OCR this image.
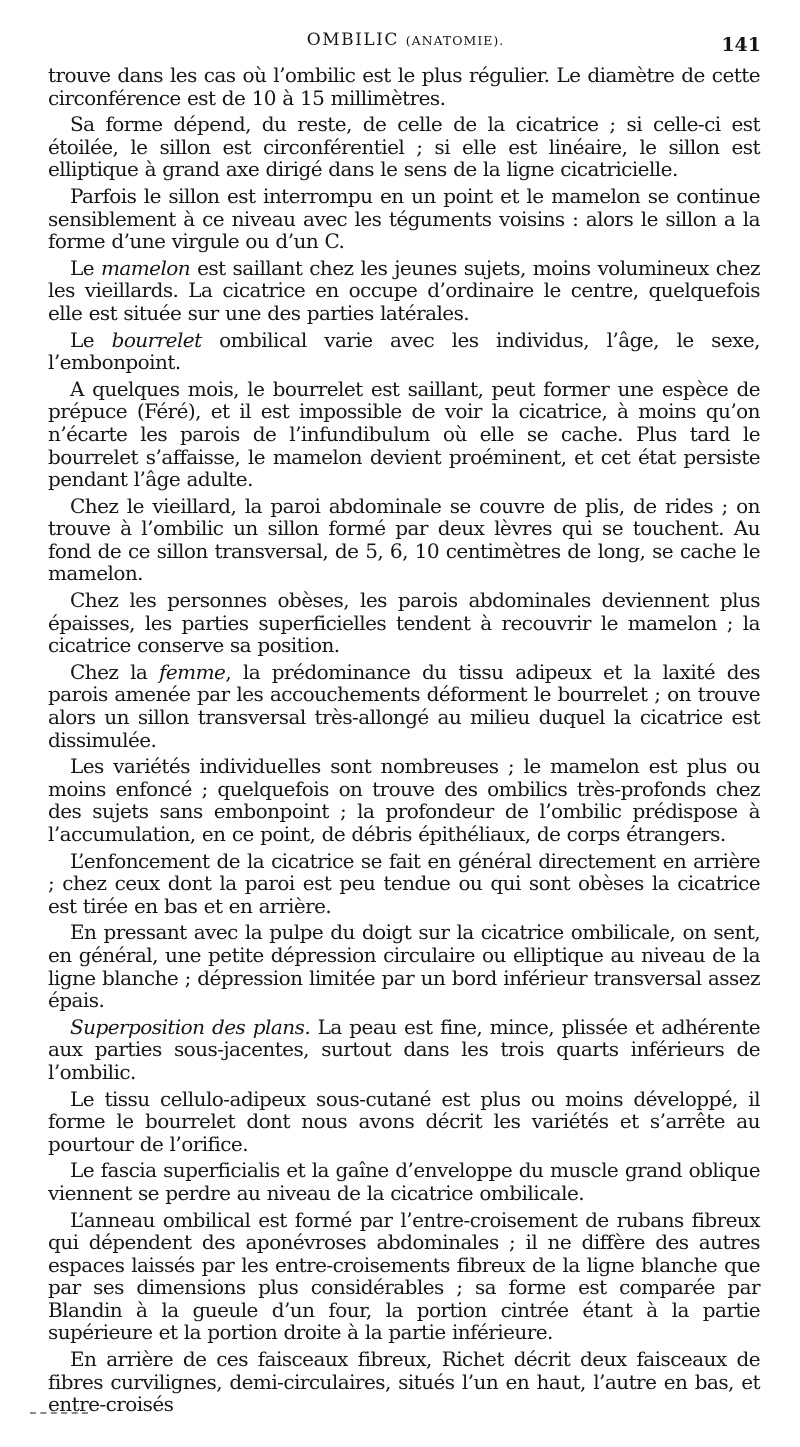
OMBILIC (ANATOMIE).	141

trouve dans les cas où l’ombilic est le plus régulier. Le diamètre de cette circonférence est de 10 à 15 millimètres.

Sa forme dépend, du reste, de celle de la cicatrice ; si celle-ci est étoilée, le sillon est circonférentiel ; si elle est linéaire, le sillon est elliptique à grand axe dirigé dans le sens de la ligne cicatricielle.

Parfois le sillon est interrompu en un point et le mamelon se continue sensiblement à ce niveau avec les téguments voisins : alors le sillon a la forme d’une virgule ou d’un C.

Le mamelon est saillant chez les jeunes sujets, moins volumineux chez les vieillards. La cicatrice en occupe d’ordinaire le centre, quelquefois elle est située sur une des parties latérales.

Le bourrelet ombilical varie avec les individus, l’âge, le sexe, l’embonpoint.

A quelques mois, le bourrelet est saillant, peut former une espèce de prépuce (Féré), et il est impossible de voir la cicatrice, à moins qu’on n’écarte les parois de l’infundibulum où elle se cache. Plus tard le bourrelet s’affaisse, le mamelon devient proéminent, et cet état persiste pendant l’âge adulte.

Chez le vieillard, la paroi abdominale se couvre de plis, de rides ; on trouve à l’ombilic un sillon formé par deux lèvres qui se touchent. Au fond de ce sillon transversal, de 5, 6, 10 centimètres de long, se cache le mamelon.

Chez les personnes obèses, les parois abdominales deviennent plus épaisses, les parties superficielles tendent à recouvrir le mamelon ; la cicatrice conserve sa position.

Chez la femme, la prédominance du tissu adipeux et la laxité des parois amenée par les accouchements déforment le bourrelet ; on trouve alors un sillon transversal très-allongé au milieu duquel la cicatrice est dissimulée.

Les variétés individuelles sont nombreuses ; le mamelon est plus ou moins enfoncé ; quelquefois on trouve des ombilics très-profonds chez des sujets sans embonpoint ; la profondeur de l’ombilic prédispose à l’accumulation, en ce point, de débris épithéliaux, de corps étrangers.

L’enfoncement de la cicatrice se fait en général directement en arrière ; chez ceux dont la paroi est peu tendue ou qui sont obèses la cicatrice est tirée en bas et en arrière.

En pressant avec la pulpe du doigt sur la cicatrice ombilicale, on sent, en général, une petite dépression circulaire ou elliptique au niveau de la ligne blanche ; dépression limitée par un bord inférieur transversal assez épais.

Superposition des plans. La peau est fine, mince, plissée et adhérente aux parties sous-jacentes, surtout dans les trois quarts inférieurs de l’ombilic.

Le tissu cellulo-adipeux sous-cutané est plus ou moins développé, il forme le bourrelet dont nous avons décrit les variétés et s’arrête au pourtour de l’orifice.

Le fascia superficialis et la gaîne d’enveloppe du muscle grand oblique viennent se perdre au niveau de la cicatrice ombilicale.

L’anneau ombilical est formé par l’entre-croisement de rubans fibreux qui dépendent des aponévroses abdominales ; il ne diffère des autres espaces laissés par les entre-croisements fibreux de la ligne blanche que par ses dimensions plus considérables ; sa forme est comparée par Blandin à la gueule d’un four, la portion cintrée étant à la partie supérieure et la portion droite à la partie inférieure.

En arrière de ces faisceaux fibreux, Richet décrit deux faisceaux de fibres curvilignes, demi-circulaires, situés l’un en haut, l’autre en bas, et entre-croisés
